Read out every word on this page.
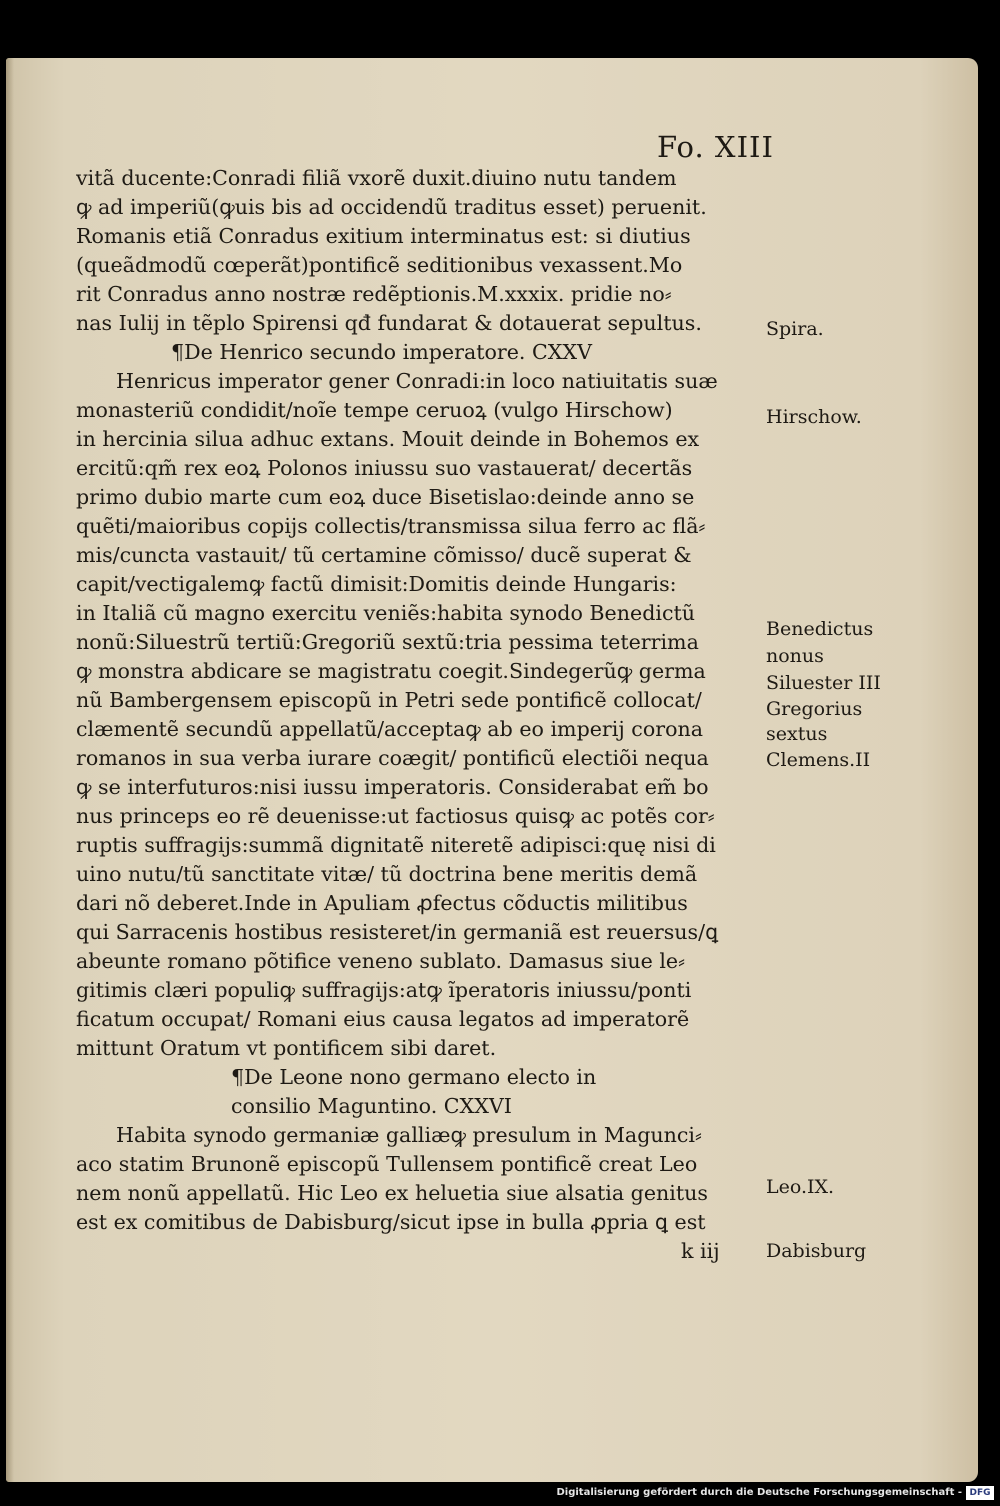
Fo. XIII
vitã ducente:Conradi filiã vxorẽ duxit.diuino nutu tandem
ꝙ ad imperiũ(ꝙuis bis ad occidendũ traditus esset) peruenit.
Romanis etiã Conradus exitium interminatus est: si diutius
(queãdmodũ cœperãt)pontificẽ seditionibus vexassent.Mo
rit Conradus anno nostræ redẽptionis.M.xxxix. pridie no⸗
nas Iulij in tẽplo Spirensi qđ fundarat & dotauerat sepultus.
¶De Henrico secundo imperatore. CXXV
Henricus imperator gener Conradi:in loco natiuitatis suæ
monasteriũ condidit/noĩe tempe ceruoꝝ (vulgo Hirschow)
in hercinia silua adhuc extans. Mouit deinde in Bohemos ex
ercitũ:qm̃ rex eoꝝ Polonos iniussu suo vastauerat/ decertãs
primo dubio marte cum eoꝝ duce Bisetislao:deinde anno se
quẽti/maioribus copijs collectis/transmissa silua ferro ac flã⸗
mis/cuncta vastauit/ tũ certamine cõmisso/ ducẽ superat &
capit/vectigalemꝙ factũ dimisit:Domitis deinde Hungaris:
in Italiã cũ magno exercitu veniẽs:habita synodo Benedictũ
nonũ:Siluestrũ tertiũ:Gregoriũ sextũ:tria pessima teterrima
ꝙ monstra abdicare se magistratu coegit.Sindegerũꝙ germa
nũ Bambergensem episcopũ in Petri sede pontificẽ collocat/
clæmentẽ secundũ appellatũ/acceptaꝙ ab eo imperij corona
romanos in sua verba iurare coægit/ pontificũ electiõi nequa
ꝙ se interfuturos:nisi iussu imperatoris. Considerabat em̃ bo
nus princeps eo rẽ deuenisse:ut factiosus quisꝙ ac potẽs cor⸗
ruptis suffragijs:summã dignitatẽ niteretẽ adipisci:quę nisi di
uino nutu/tũ sanctitate vitæ/ tũ doctrina bene meritis demã
dari nõ deberet.Inde in Apuliam ꝓfectus cõductis militibus
qui Sarracenis hostibus resisteret/in germaniã est reuersus/ꝗ
abeunte romano põtifice veneno sublato. Damasus siue le⸗
gitimis clæri populiꝙ suffragijs:atꝙ ĩperatoris iniussu/ponti
ficatum occupat/ Romani eius causa legatos ad imperatorẽ
mittunt Oratum vt pontificem sibi daret.
¶De Leone nono germano electo in
consilio Maguntino. CXXVI
Habita synodo germaniæ galliæꝙ presulum in Magunci⸗
aco statim Brunonẽ episcopũ Tullensem pontificẽ creat Leo
nem nonũ appellatũ. Hic Leo ex heluetia siue alsatia genitus
est ex comitibus de Dabisburg/sicut ipse in bulla ꝓpria ꝗ est
k iij
Spira.
Hirschow.
Benedictus
nonus
Siluester III
Gregorius
sextus
Clemens.II
Leo.IX.
Dabisburg
Digitalisierung gefördert durch die Deutsche Forschungsgemeinschaft - DFG
